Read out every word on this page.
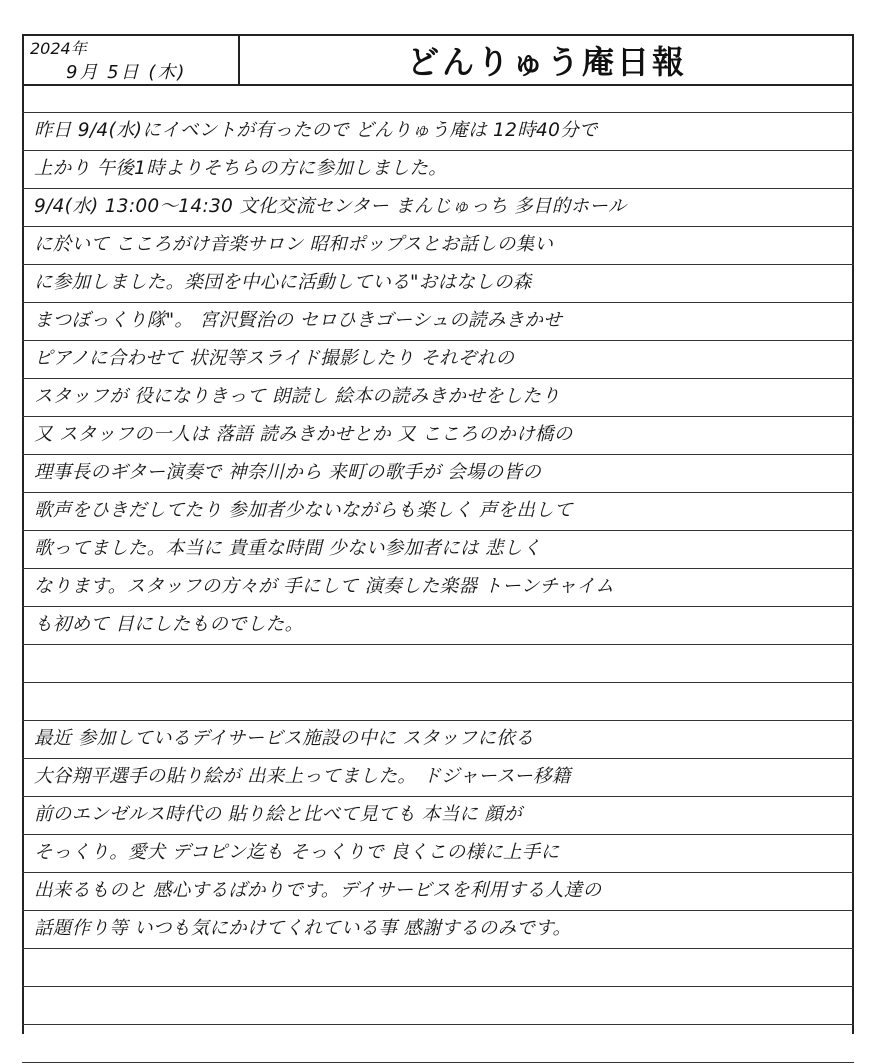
2024年
9月 5日 (木)	どんりゅう庵日報
昨日 9/4(水)にイベントが有ったので どんりゅう庵は 12時40分で
上かり 午後1時よりそちらの方に参加しました。
9/4(水) 13:00〜14:30 文化交流センター まんじゅっち 多目的ホール
に於いて こころがけ音楽サロン 昭和ポップスとお話しの集い
に参加しました。楽団を中心に活動している"おはなしの森
まつぼっくり隊"。 宮沢賢治の セロひきゴーシュの読みきかせ
ピアノに合わせて 状況等スライド撮影したり それぞれの
スタッフが 役になりきって 朗読し 絵本の読みきかせをしたり
又 スタッフの一人は 落語 読みきかせとか 又 こころのかけ橋の
理事長のギター演奏で 神奈川から 来町の歌手が 会場の皆の
歌声をひきだしてたり 参加者少ないながらも楽しく 声を出して
歌ってました。本当に 貴重な時間 少ない参加者には 悲しく
なります。スタッフの方々が 手にして 演奏した楽器 トーンチャイム
も初めて 目にしたものでした。
最近 参加しているデイサービス施設の中に スタッフに依る
大谷翔平選手の貼り絵が 出来上ってました。 ドジャースー移籍
前のエンゼルス時代の 貼り絵と比べて見ても 本当に 顔が
そっくり。愛犬 デコピン迄も そっくりで 良くこの様に上手に
出来るものと 感心するばかりです。デイサービスを利用する人達の
話題作り等 いつも気にかけてくれている事 感謝するのみです。
